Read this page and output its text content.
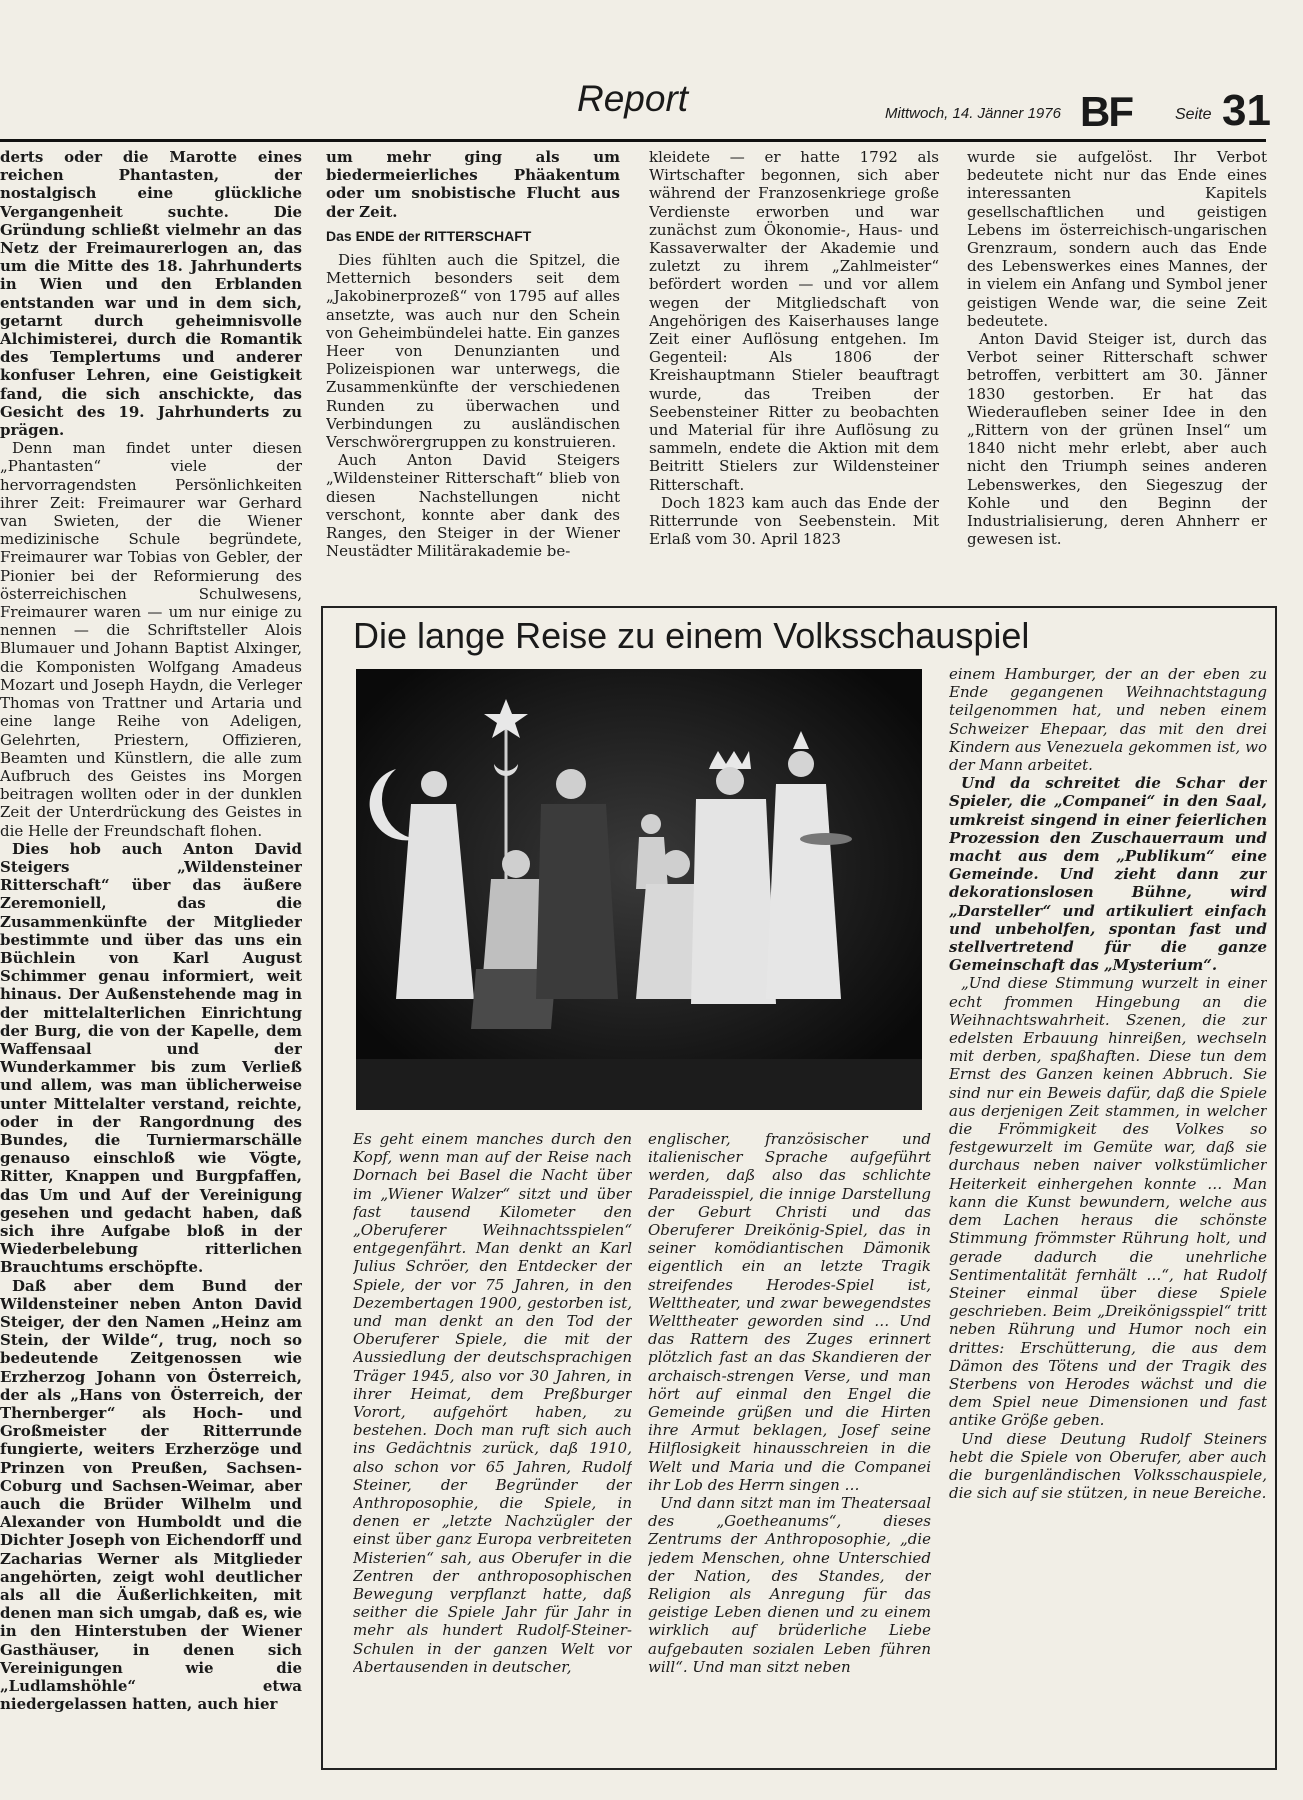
Report	Mittwoch, 14. Jänner 1976 BF	Seite 31

derts oder die Marotte eines reichen Phantasten, der nostalgisch eine glückliche Vergangenheit suchte. Die Gründung schließt vielmehr an das Netz der Freimaurerlogen an, das um die Mitte des 18. Jahrhunderts in Wien und den Erblanden entstanden war und in dem sich, getarnt durch geheimnisvolle Alchimisterei, durch die Romantik des Templertums und anderer konfuser Lehren, eine Geistigkeit fand, die sich anschickte, das Gesicht des 19. Jahrhunderts zu prägen.

Denn man findet unter diesen „Phantasten“ viele der hervorragendsten Persönlichkeiten ihrer Zeit: Freimaurer war Gerhard van Swieten, der die Wiener medizinische Schule begründete, Freimaurer war Tobias von Gebler, der Pionier bei der Reformierung des österreichischen Schulwesens, Freimaurer waren — um nur einige zu nennen — die Schriftsteller Alois Blumauer und Johann Baptist Alxinger, die Komponisten Wolfgang Amadeus Mozart und Joseph Haydn, die Verleger Thomas von Trattner und Artaria und eine lange Reihe von Adeligen, Gelehrten, Priestern, Offizieren, Beamten und Künstlern, die alle zum Aufbruch des Geistes ins Morgen beitragen wollten oder in der dunklen Zeit der Unterdrückung des Geistes in die Helle der Freundschaft flohen.

Dies hob auch Anton David Steigers „Wildensteiner Ritterschaft“ über das äußere Zeremoniell, das die Zusammenkünfte der Mitglieder bestimmte und über das uns ein Büchlein von Karl August Schimmer genau informiert, weit hinaus. Der Außenstehende mag in der mittelalterlichen Einrichtung der Burg, die von der Kapelle, dem Waffensaal und der Wunderkammer bis zum Verließ und allem, was man üblicherweise unter Mittelalter verstand, reichte, oder in der Rangordnung des Bundes, die Turniermarschälle genauso einschloß wie Vögte, Ritter, Knappen und Burgpfaffen, das Um und Auf der Vereinigung gesehen und gedacht haben, daß sich ihre Aufgabe bloß in der Wiederbelebung ritterlichen Brauchtums erschöpfte.

Daß aber dem Bund der Wildensteiner neben Anton David Steiger, der den Namen „Heinz am Stein, der Wilde“, trug, noch so bedeutende Zeitgenossen wie Erzherzog Johann von Österreich, der als „Hans von Österreich, der Thernberger“ als Hoch- und Großmeister der Ritterrunde fungierte, weiters Erzherzöge und Prinzen von Preußen, Sachsen-Coburg und Sachsen-Weimar, aber auch die Brüder Wilhelm und Alexander von Humboldt und die Dichter Joseph von Eichendorff und Zacharias Werner als Mitglieder angehörten, zeigt wohl deutlicher als all die Äußerlichkeiten, mit denen man sich umgab, daß es, wie in den Hinterstuben der Wiener Gasthäuser, in denen sich Vereinigungen wie die „Ludlamshöhle“ etwa niedergelassen hatten, auch hier

um mehr ging als um biedermeierliches Phäakentum oder um snobistische Flucht aus der Zeit.

Das ENDE der RITTERSCHAFT

Dies fühlten auch die Spitzel, die Metternich besonders seit dem „Jakobinerprozeß“ von 1795 auf alles ansetzte, was auch nur den Schein von Geheimbündelei hatte. Ein ganzes Heer von Denunzianten und Polizeispionen war unterwegs, die Zusammenkünfte der verschiedenen Runden zu überwachen und Verbindungen zu ausländischen Verschwörergruppen zu konstruieren.

Auch Anton David Steigers „Wildensteiner Ritterschaft“ blieb von diesen Nachstellungen nicht verschont, konnte aber dank des Ranges, den Steiger in der Wiener Neustädter Militärakademie be-

kleidete — er hatte 1792 als Wirtschafter begonnen, sich aber während der Franzosenkriege große Verdienste erworben und war zunächst zum Ökonomie-, Haus- und Kassaverwalter der Akademie und zuletzt zu ihrem „Zahlmeister“ befördert worden — und vor allem wegen der Mitgliedschaft von Angehörigen des Kaiserhauses lange Zeit einer Auflösung entgehen. Im Gegenteil: Als 1806 der Kreishauptmann Stieler beauftragt wurde, das Treiben der Seebensteiner Ritter zu beobachten und Material für ihre Auflösung zu sammeln, endete die Aktion mit dem Beitritt Stielers zur Wildensteiner Ritterschaft.

Doch 1823 kam auch das Ende der Ritterrunde von Seebenstein. Mit Erlaß vom 30. April 1823

wurde sie aufgelöst. Ihr Verbot bedeutete nicht nur das Ende eines interessanten Kapitels gesellschaftlichen und geistigen Lebens im österreichisch-ungarischen Grenzraum, sondern auch das Ende des Lebenswerkes eines Mannes, der in vielem ein Anfang und Symbol jener geistigen Wende war, die seine Zeit bedeutete.

Anton David Steiger ist, durch das Verbot seiner Ritterschaft schwer betroffen, verbittert am 30. Jänner 1830 gestorben. Er hat das Wiederaufleben seiner Idee in den „Rittern von der grünen Insel“ um 1840 nicht mehr erlebt, aber auch nicht den Triumph seines anderen Lebenswerkes, den Siegeszug der Kohle und den Beginn der Industrialisierung, deren Ahnherr er gewesen ist.

Die lange Reise zu einem Volksschauspiel

Es geht einem manches durch den Kopf, wenn man auf der Reise nach Dornach bei Basel die Nacht über im „Wiener Walzer“ sitzt und über fast tausend Kilometer den „Oberuferer Weihnachtsspielen“ entgegenfährt. Man denkt an Karl Julius Schröer, den Entdecker der Spiele, der vor 75 Jahren, in den Dezembertagen 1900, gestorben ist, und man denkt an den Tod der Oberuferer Spiele, die mit der Aussiedlung der deutschsprachigen Träger 1945, also vor 30 Jahren, in ihrer Heimat, dem Preßburger Vorort, aufgehört haben, zu bestehen. Doch man ruft sich auch ins Gedächtnis zurück, daß 1910, also schon vor 65 Jahren, Rudolf Steiner, der Begründer der Anthroposophie, die Spiele, in denen er „letzte Nachzügler der einst über ganz Europa verbreiteten Misterien“ sah, aus Oberufer in die Zentren der anthroposophischen Bewegung verpflanzt hatte, daß seither die Spiele Jahr für Jahr in mehr als hundert Rudolf-Steiner-Schulen in der ganzen Welt vor Abertausenden in deutscher,

englischer, französischer und italienischer Sprache aufgeführt werden, daß also das schlichte Paradeisspiel, die innige Darstellung der Geburt Christi und das Oberuferer Dreikönig-Spiel, das in seiner komödiantischen Dämonik eigentlich ein an letzte Tragik streifendes Herodes-Spiel ist, Welttheater, und zwar bewegendstes Welttheater geworden sind … Und das Rattern des Zuges erinnert plötzlich fast an das Skandieren der archaisch-strengen Verse, und man hört auf einmal den Engel die Gemeinde grüßen und die Hirten ihre Armut beklagen, Josef seine Hilflosigkeit hinausschreien in die Welt und Maria und die Companei ihr Lob des Herrn singen …

Und dann sitzt man im Theatersaal des „Goetheanums“, dieses Zentrums der Anthroposophie, „die jedem Menschen, ohne Unterschied der Nation, des Standes, der Religion als Anregung für das geistige Leben dienen und zu einem wirklich auf brüderliche Liebe aufgebauten sozialen Leben führen will“. Und man sitzt neben

einem Hamburger, der an der eben zu Ende gegangenen Weihnachtstagung teilgenommen hat, und neben einem Schweizer Ehepaar, das mit den drei Kindern aus Venezuela gekommen ist, wo der Mann arbeitet.

Und da schreitet die Schar der Spieler, die „Companei“ in den Saal, umkreist singend in einer feierlichen Prozession den Zuschauerraum und macht aus dem „Publikum“ eine Gemeinde. Und zieht dann zur dekorationslosen Bühne, wird „Darsteller“ und artikuliert einfach und unbeholfen, spontan fast und stellvertretend für die ganze Gemeinschaft das „Mysterium“.

„Und diese Stimmung wurzelt in einer echt frommen Hingebung an die Weihnachtswahrheit. Szenen, die zur edelsten Erbauung hinreißen, wechseln mit derben, spaßhaften. Diese tun dem Ernst des Ganzen keinen Abbruch. Sie sind nur ein Beweis dafür, daß die Spiele aus derjenigen Zeit stammen, in welcher die Frömmigkeit des Volkes so festgewurzelt im Gemüte war, daß sie durchaus neben naiver volkstümlicher Heiterkeit einhergehen konnte … Man kann die Kunst bewundern, welche aus dem Lachen heraus die schönste Stimmung frömmster Rührung holt, und gerade dadurch die unehrliche Sentimentalität fernhält …“, hat Rudolf Steiner einmal über diese Spiele geschrieben. Beim „Dreikönigsspiel“ tritt neben Rührung und Humor noch ein drittes: Erschütterung, die aus dem Dämon des Tötens und der Tragik des Sterbens von Herodes wächst und die dem Spiel neue Dimensionen und fast antike Größe geben.

Und diese Deutung Rudolf Steiners hebt die Spiele von Oberufer, aber auch die burgenländischen Volksschauspiele, die sich auf sie stützen, in neue Bereiche.
